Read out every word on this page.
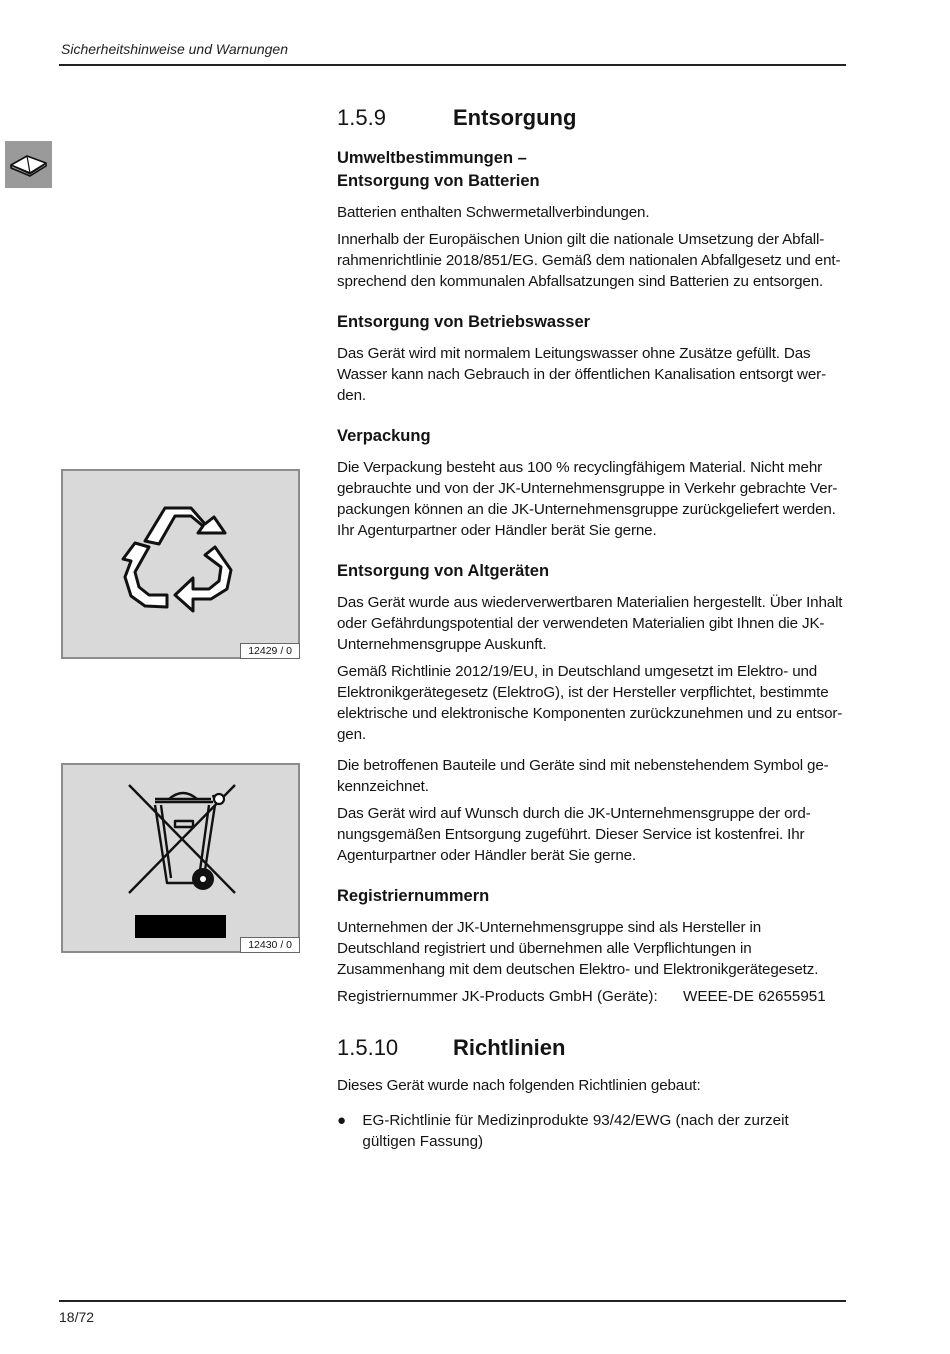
Sicherheitshinweise und Warnungen
12429 / 0
12430 / 0
1.5.9	Entsorgung
Umweltbestimmungen –
Entsorgung von Batterien

Batterien enthalten Schwermetallverbindungen.

Innerhalb der Europäischen Union gilt die nationale Umsetzung der Abfallrahmenrichtlinie 2018/851/EG. Gemäß dem nationalen Abfallgesetz und entsprechend den kommunalen Abfallsatzungen sind Batterien zu entsorgen.

Entsorgung von Betriebswasser

Das Gerät wird mit normalem Leitungswasser ohne Zusätze gefüllt. Das Wasser kann nach Gebrauch in der öffentlichen Kanalisation entsorgt werden.

Verpackung

Die Verpackung besteht aus 100 % recyclingfähigem Material. Nicht mehr gebrauchte und von der JK-Unternehmensgruppe in Verkehr gebrachte Verpackungen können an die JK-Unternehmensgruppe zurückgeliefert werden. Ihr Agenturpartner oder Händler berät Sie gerne.

Entsorgung von Altgeräten

Das Gerät wurde aus wiederverwertbaren Materialien hergestellt. Über Inhalt oder Gefährdungspotential der verwendeten Materialien gibt Ihnen die JK-Unternehmensgruppe Auskunft.

Gemäß Richtlinie 2012/19/EU, in Deutschland umgesetzt im Elektro- und Elektronikgerätegesetz (ElektroG), ist der Hersteller verpflichtet, bestimmte elektrische und elektronische Komponenten zurückzunehmen und zu entsorgen.

Die betroffenen Bauteile und Geräte sind mit nebenstehendem Symbol gekennzeichnet.

Das Gerät wird auf Wunsch durch die JK-Unternehmensgruppe der ordnungsgemäßen Entsorgung zugeführt. Dieser Service ist kostenfrei. Ihr Agenturpartner oder Händler berät Sie gerne.

Registriernummern

Unternehmen der JK-Unternehmensgruppe sind als Hersteller in Deutschland registriert und übernehmen alle Verpflichtungen in Zusammenhang mit dem deutschen Elektro- und Elektronikgerätegesetz.

Registriernummer JK-Products GmbH (Geräte):	WEEE-DE 62655951
1.5.10	Richtlinien

Dieses Gerät wurde nach folgenden Richtlinien gebaut:

●	EG-Richtlinie für Medizinprodukte 93/42/EWG (nach der zurzeit gültigen Fassung)
18/72
